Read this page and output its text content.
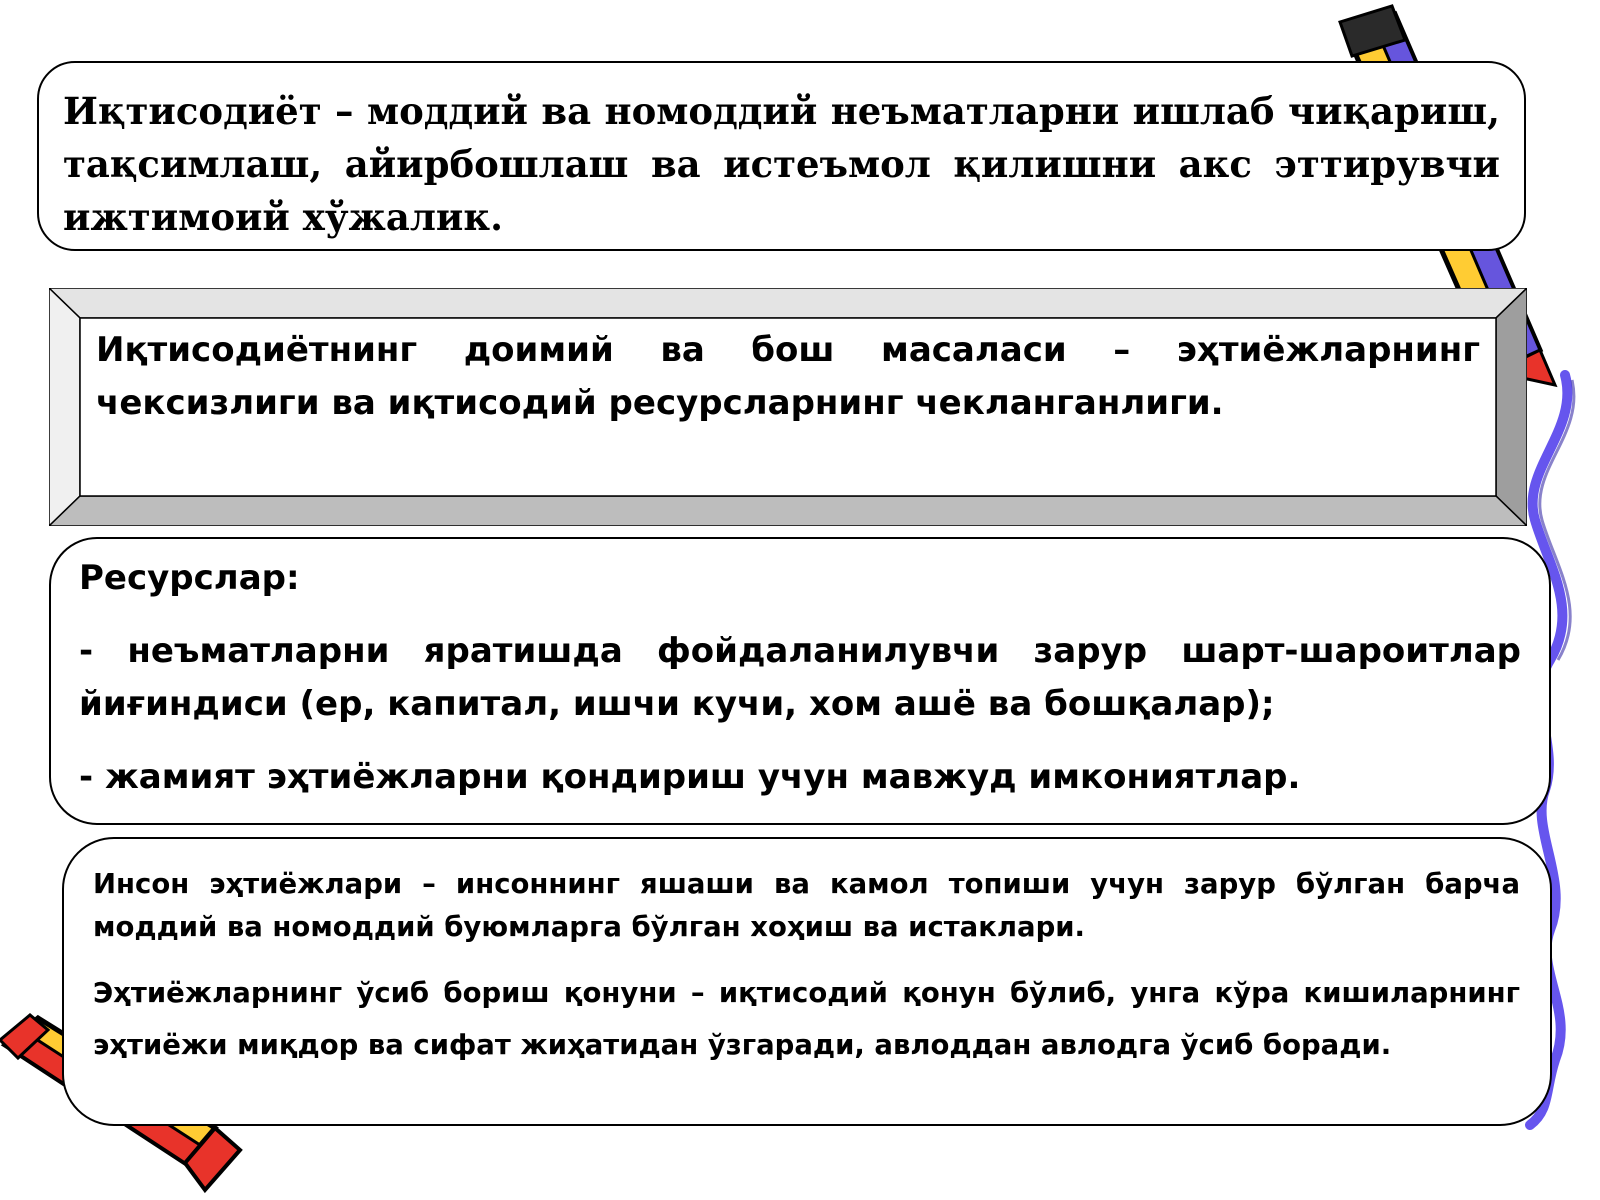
Иқтисодиёт – моддий ва номоддий неъматларни ишлаб чиқариш, тақсимлаш, айирбошлаш ва истеъмол қилишни акс эттирувчи ижтимоий хўжалик.

Иқтисодиётнинг доимий ва бош масаласи – эҳтиёжларнинг чексизлиги ва иқтисодий ресурсларнинг чекланганлиги.

Ресурслар:

- неъматларни яратишда фойдаланилувчи зарур шарт-шароитлар йиғиндиси (ер, капитал, ишчи кучи, хом ашё ва бошқалар);

- жамият эҳтиёжларни қондириш учун мавжуд имкониятлар.

Инсон эҳтиёжлари – инсоннинг яшаши ва камол топиши учун зарур бўлган барча моддий ва номоддий буюмларга бўлган хоҳиш ва истаклари.

Эҳтиёжларнинг ўсиб бориш қонуни – иқтисодий қонун бўлиб, унга кўра кишиларнинг эҳтиёжи миқдор ва сифат жиҳатидан ўзгаради, авлоддан авлодга ўсиб боради.
